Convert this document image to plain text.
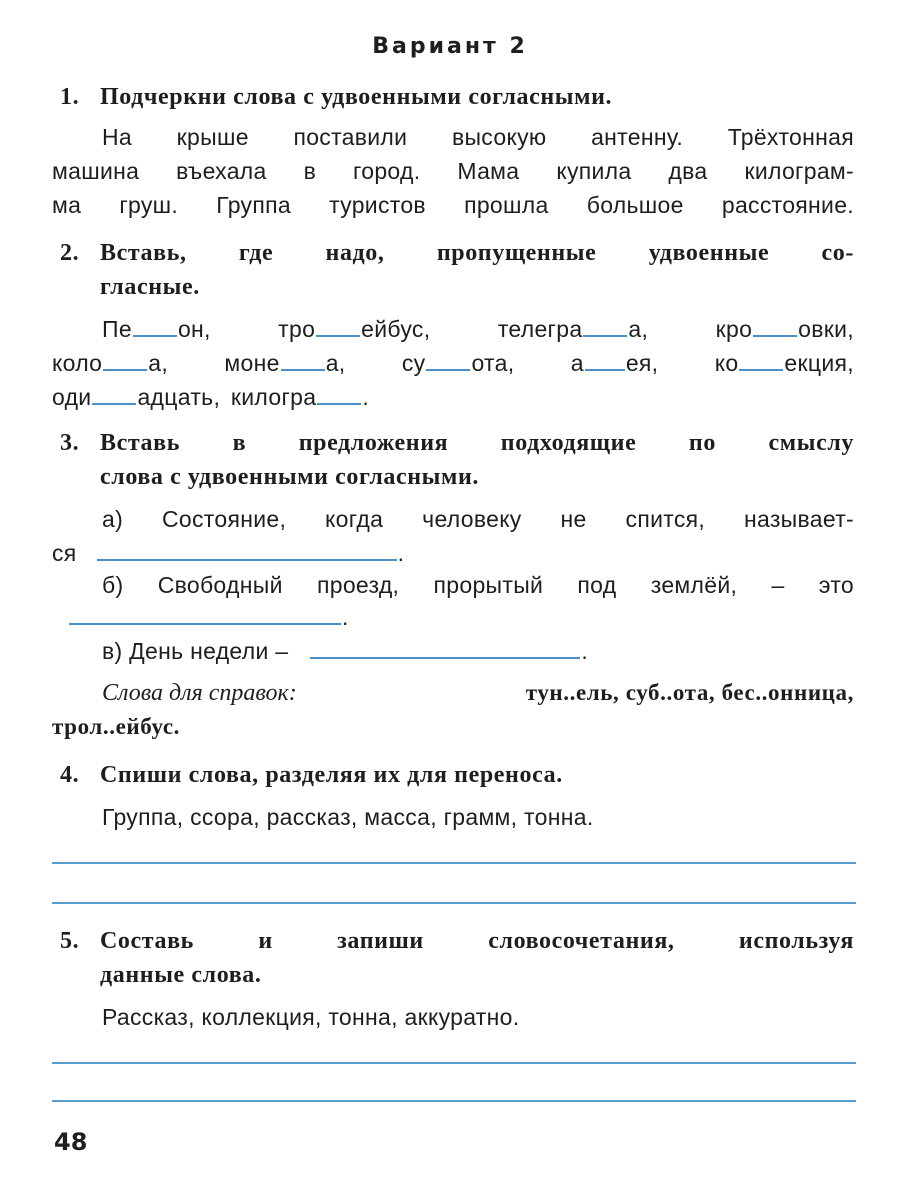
Вариант 2
1. Подчеркни слова с удвоенными согласными.
На крыше поставили высокую антенну. Трёхтонная
машина въехала в город. Мама купила два килограм-
ма груш. Группа туристов прошла большое расстояние.
2. Вставь, где надо, пропущенные удвоенные со-
гласные.
Пе он,	тро ейбус,	телегра а,	кро овки,
коло а, моне а, су ота, а ея, ко екция,
оди адцать, килогра .
3. Вставь в предложения подходящие по смыслу
слова с удвоенными согласными.
а) Состояние, когда человеку не спится, называет-
ся	.
б) Свободный проезд, прорытый под землёй, – это
.
в) День недели –	.
Слова для справок:	тун..ель, суб..ота, бес..онница,
трол..ейбус.
4. Спиши слова, разделяя их для переноса.
Группа, ссора, рассказ, масса, грамм, тонна.
5. Составь и запиши словосочетания, используя
данные слова.
Рассказ, коллекция, тонна, аккуратно.
48
